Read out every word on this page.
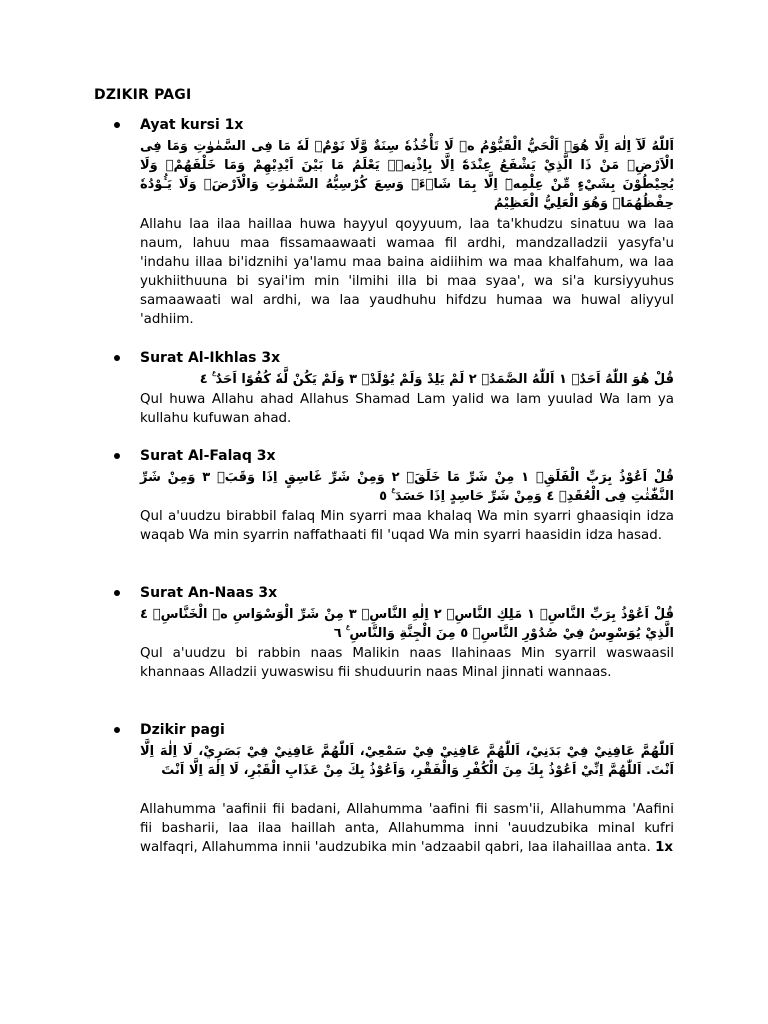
DZIKIR PAGI
Ayat kursi 1x
اَللّٰهُ لَآ اِلٰهَ اِلَّا هُوَۚ اَلْحَيُّ الْقَيُّوْمُ ەۚ لَا تَأْخُذُهٗ سِنَةٌ وَّلَا نَوْمٌۗ لَهٗ مَا فِى السَّمٰوٰتِ وَمَا فِى الْاَرْضِۗ مَنْ ذَا الَّذِيْ يَشْفَعُ عِنْدَهٗٓ اِلَّا بِاِذْنِهٖۗ يَعْلَمُ مَا بَيْنَ اَيْدِيْهِمْ وَمَا خَلْفَهُمْۚ وَلَا يُحِيْطُوْنَ بِشَيْءٍ مِّنْ عِلْمِهٖٓ اِلَّا بِمَا شَاۤءَۚ وَسِعَ كُرْسِيُّهُ السَّمٰوٰتِ وَالْاَرْضَۚ وَلَا يَـُٔوْدُهٗ حِفْظُهُمَاۚ وَهُوَ الْعَلِيُّ الْعَظِيْمُ
Allahu laa ilaa haillaa huwa hayyul qoyyuum, laa ta'khudzu sinatuu wa laa naum, lahuu maa fissamaawaati wamaa fil ardhi, mandzalladzii yasyfa'u 'indahu illaa bi'idznihi ya'lamu maa baina aidiihim wa maa khalfahum, wa laa yukhiithuuna bi syai'im min 'ilmihi illa bi maa syaa', wa si'a kursiyyuhus samaawaati wal ardhi, wa laa yaudhuhu hifdzu humaa wa huwal aliyyul 'adhiim.
Surat Al-Ikhlas 3x
قُلْ هُوَ اللّٰهُ اَحَدٌۚ ١ اَللّٰهُ الصَّمَدُۚ ٢ لَمْ يَلِدْ وَلَمْ يُوْلَدْۙ ٣ وَلَمْ يَكُنْ لَّهٗ كُفُوًا اَحَدٌ ࣖ ٤
Qul huwa Allahu ahad Allahus Shamad Lam yalid wa lam yuulad Wa lam ya kullahu kufuwan ahad.
Surat Al-Falaq 3x
قُلْ اَعُوْذُ بِرَبِّ الْفَلَقِۙ ١ مِنْ شَرِّ مَا خَلَقَۙ ٢ وَمِنْ شَرِّ غَاسِقٍ اِذَا وَقَبَۙ ٣ وَمِنْ شَرِّ النَّفّٰثٰتِ فِى الْعُقَدِۙ ٤ وَمِنْ شَرِّ حَاسِدٍ اِذَا حَسَدَ ࣖ ٥
Qul a'uudzu birabbil falaq Min syarri maa khalaq Wa min syarri ghaasiqin idza waqab Wa min syarrin naffathaati fil 'uqad Wa min syarri haasidin idza hasad.
Surat An-Naas 3x
قُلْ اَعُوْذُ بِرَبِّ النَّاسِۙ ١ مَلِكِ النَّاسِۙ ٢ اِلٰهِ النَّاسِۙ ٣ مِنْ شَرِّ الْوَسْوَاسِ ەۙ الْخَنَّاسِۙ ٤ الَّذِيْ يُوَسْوِسُ فِيْ صُدُوْرِ النَّاسِۙ ٥ مِنَ الْجِنَّةِ وَالنَّاسِ ࣖ ٦
Qul a'uudzu bi rabbin naas Malikin naas Ilahinaas Min syarril waswaasil khannaas Alladzii yuwaswisu fii shuduurin naas Minal jinnati wannaas.
Dzikir pagi
اَللّٰهُمَّ عَافِنِيْ فِيْ بَدَنِيْ، اَللّٰهُمَّ عَافِنِيْ فِيْ سَمْعِيْ، اَللّٰهُمَّ عَافِنِيْ فِيْ بَصَرِيْ، لَا اِلٰهَ اِلَّا اَنْتَ. اَللّٰهُمَّ اِنِّيْ اَعُوْذُ بِكَ مِنَ الْكُفْرِ وَالْفَقْرِ، وَاَعُوْذُ بِكَ مِنْ عَذَابِ الْقَبْرِ، لَا اِلٰهَ اِلَّا اَنْتَ
Allahumma 'aafinii fii badani, Allahumma 'aafini fii sasm'ii, Allahumma 'Aafini fii basharii, laa ilaa haillah anta, Allahumma inni 'auudzubika minal kufri walfaqri, Allahumma innii 'audzubika min 'adzaabil qabri, laa ilahaillaa anta. 1x
